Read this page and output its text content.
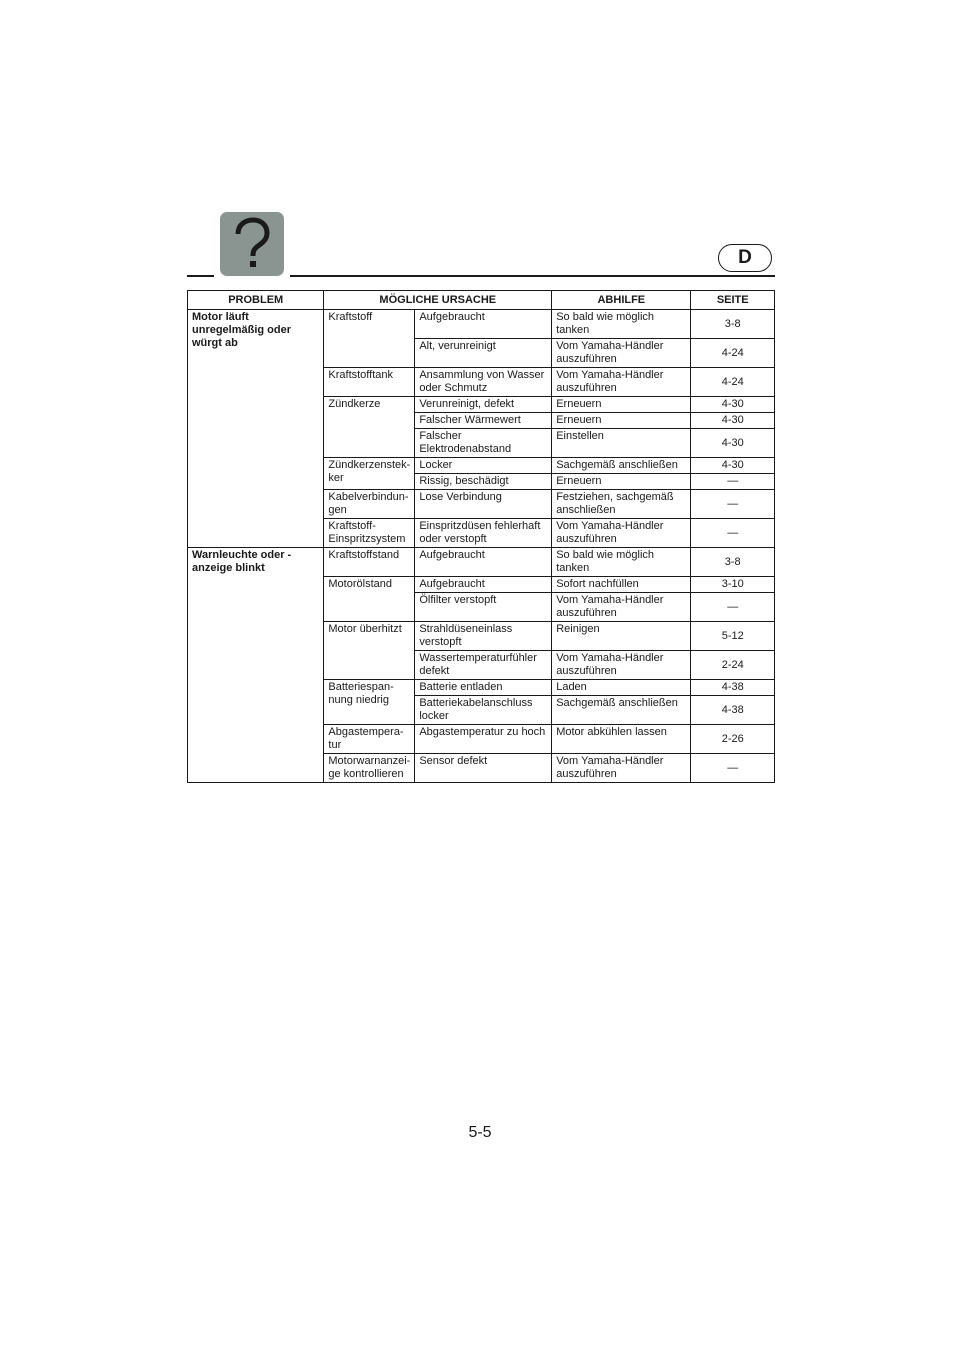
D
PROBLEM	MÖGLICHE URSACHE		ABHILFE	SEITE
Motor läuft unregelmäßig oder würgt ab	Kraftstoff	Aufgebraucht	So bald wie möglich tanken	3-8
		Alt, verunreinigt	Vom Yamaha-Händler auszuführen	4-24
	Kraftstofftank	Ansammlung von Wasser oder Schmutz	Vom Yamaha-Händler auszuführen	4-24
	Zündkerze	Verunreinigt, defekt	Erneuern	4-30
		Falscher Wärmewert	Erneuern	4-30
		Falscher Elektrodenabstand	Einstellen	4-30
	Zündkerzenstek-ker	Locker	Sachgemäß anschließen	4-30
		Rissig, beschädigt	Erneuern	—
	Kabelverbindun-gen	Lose Verbindung	Festziehen, sachgemäß anschließen	—
	Kraftstoff-Einspritzsystem	Einspritzdüsen fehlerhaft oder verstopft	Vom Yamaha-Händler auszuführen	—
Warnleuchte oder -anzeige blinkt	Kraftstoffstand	Aufgebraucht	So bald wie möglich tanken	3-8
	Motorölstand	Aufgebraucht	Sofort nachfüllen	3-10
		Ölfilter verstopft	Vom Yamaha-Händler auszuführen	—
	Motor überhitzt	Strahldüseneinlass verstopft	Reinigen	5-12
		Wassertemperaturfühler defekt	Vom Yamaha-Händler auszuführen	2-24
	Batteriespan-nung niedrig	Batterie entladen	Laden	4-38
		Batteriekabelanschluss locker	Sachgemäß anschließen	4-38
	Abgastempera-tur	Abgastemperatur zu hoch	Motor abkühlen lassen	2-26
	Motorwarnanzei-ge kontrollieren	Sensor defekt	Vom Yamaha-Händler auszuführen	—
5-5
